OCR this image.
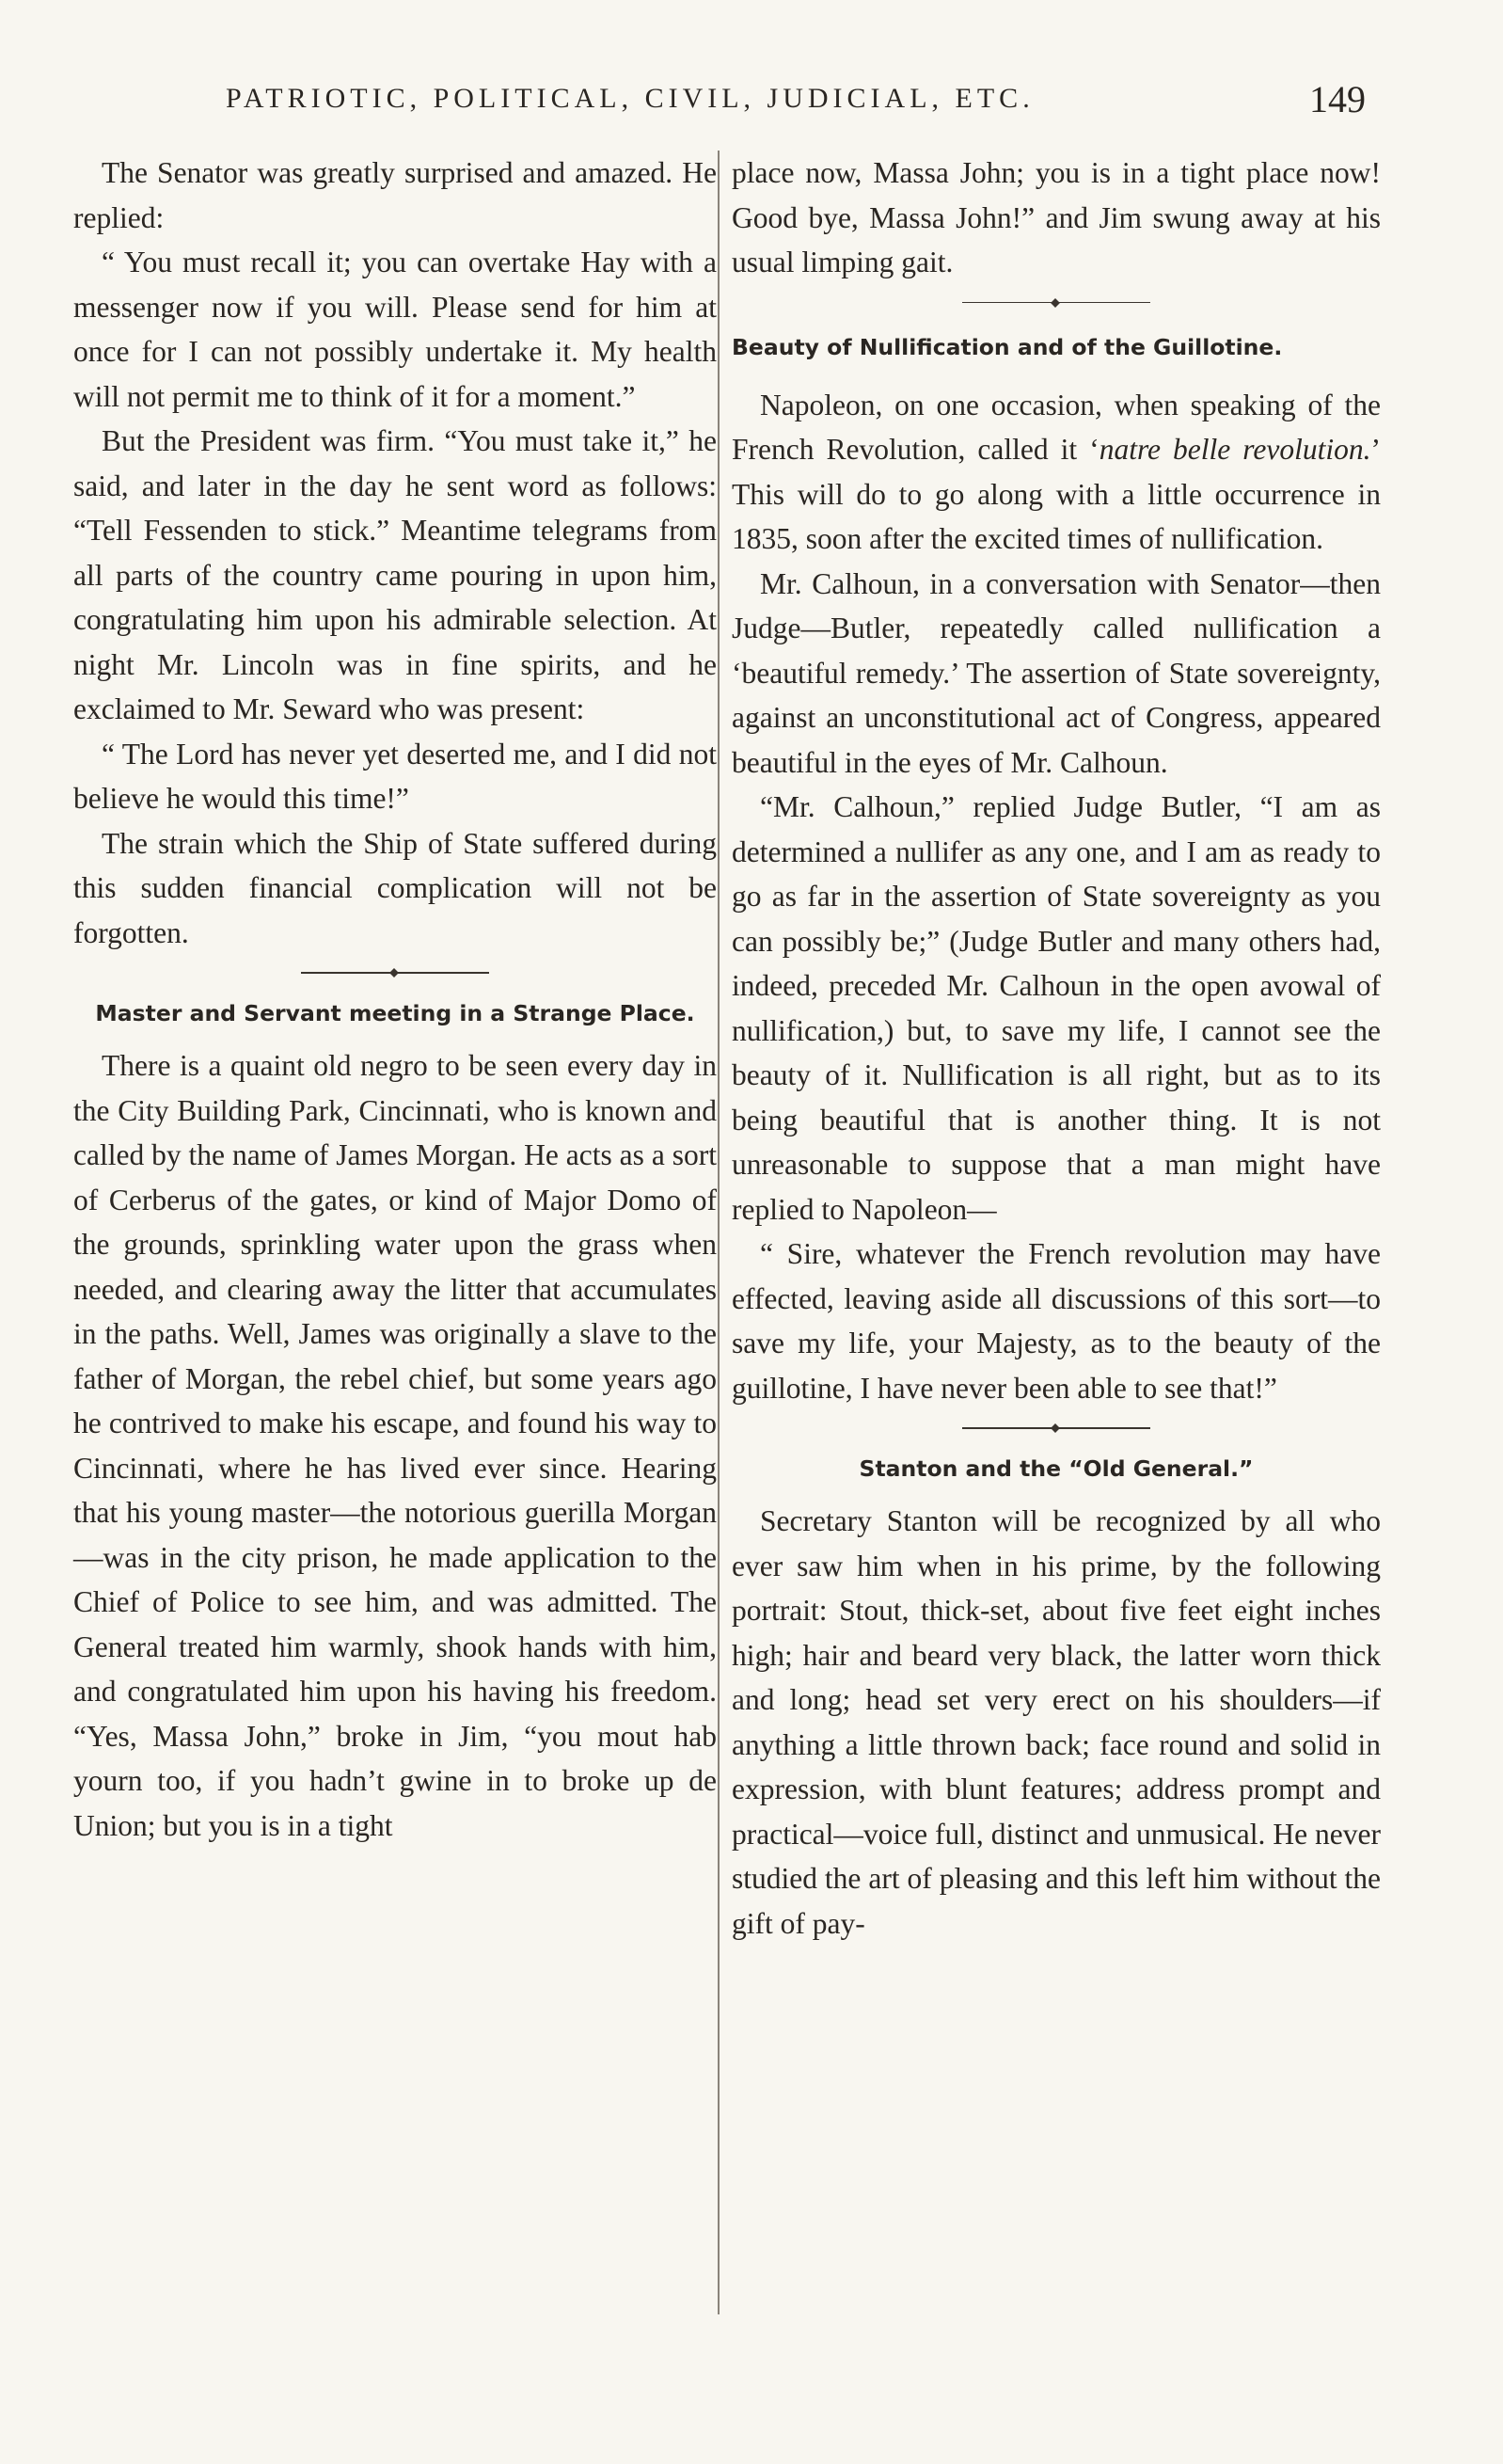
PATRIOTIC, POLITICAL, CIVIL, JUDICIAL, ETC.	149

The Senator was greatly surprised and amazed. He replied:

“ You must recall it; you can overtake Hay with a messenger now if you will. Please send for him at once for I can not possibly undertake it. My health will not permit me to think of it for a moment.”

But the President was firm. “You must take it,” he said, and later in the day he sent word as follows: “Tell Fessenden to stick.” Meantime telegrams from all parts of the country came pouring in upon him, congratulating him upon his admirable selection. At night Mr. Lincoln was in fine spirits, and he exclaimed to Mr. Seward who was present:

“ The Lord has never yet deserted me, and I did not believe he would this time!”

The strain which the Ship of State suffered during this sudden financial complication will not be forgotten.

Master and Servant meeting in a Strange Place.

There is a quaint old negro to be seen every day in the City Building Park, Cincinnati, who is known and called by the name of James Morgan. He acts as a sort of Cerberus of the gates, or kind of Major Domo of the grounds, sprinkling water upon the grass when needed, and clearing away the litter that accumulates in the paths. Well, James was originally a slave to the father of Morgan, the rebel chief, but some years ago he contrived to make his escape, and found his way to Cincinnati, where he has lived ever since. Hearing that his young master—the notorious guerilla Morgan—was in the city prison, he made application to the Chief of Police to see him, and was admitted. The General treated him warmly, shook hands with him, and congratulated him upon his having his freedom. “Yes, Massa John,” broke in Jim, “you mout hab yourn too, if you hadn’t gwine in to broke up de Union; but you is in a tight

place now, Massa John; you is in a tight place now! Good bye, Massa John!” and Jim swung away at his usual limping gait.

Beauty of Nullification and of the Guillotine.

Napoleon, on one occasion, when speaking of the French Revolution, called it ‘natre belle revolution.’ This will do to go along with a little occurrence in 1835, soon after the excited times of nullification.

Mr. Calhoun, in a conversation with Senator—then Judge—Butler, repeatedly called nullification a ‘beautiful remedy.’ The assertion of State sovereignty, against an unconstitutional act of Congress, appeared beautiful in the eyes of Mr. Calhoun.

“Mr. Calhoun,” replied Judge Butler, “I am as determined a nullifer as any one, and I am as ready to go as far in the assertion of State sovereignty as you can possibly be;” (Judge Butler and many others had, indeed, preceded Mr. Calhoun in the open avowal of nullification,) but, to save my life, I cannot see the beauty of it. Nullification is all right, but as to its being beautiful that is another thing. It is not unreasonable to suppose that a man might have replied to Napoleon—

“ Sire, whatever the French revolution may have effected, leaving aside all discussions of this sort—to save my life, your Majesty, as to the beauty of the guillotine, I have never been able to see that!”

Stanton and the “Old General.”

Secretary Stanton will be recognized by all who ever saw him when in his prime, by the following portrait: Stout, thick-set, about five feet eight inches high; hair and beard very black, the latter worn thick and long; head set very erect on his shoulders—if anything a little thrown back; face round and solid in expression, with blunt features; address prompt and practical—voice full, distinct and unmusical. He never studied the art of pleasing and this left him without the gift of pay-
